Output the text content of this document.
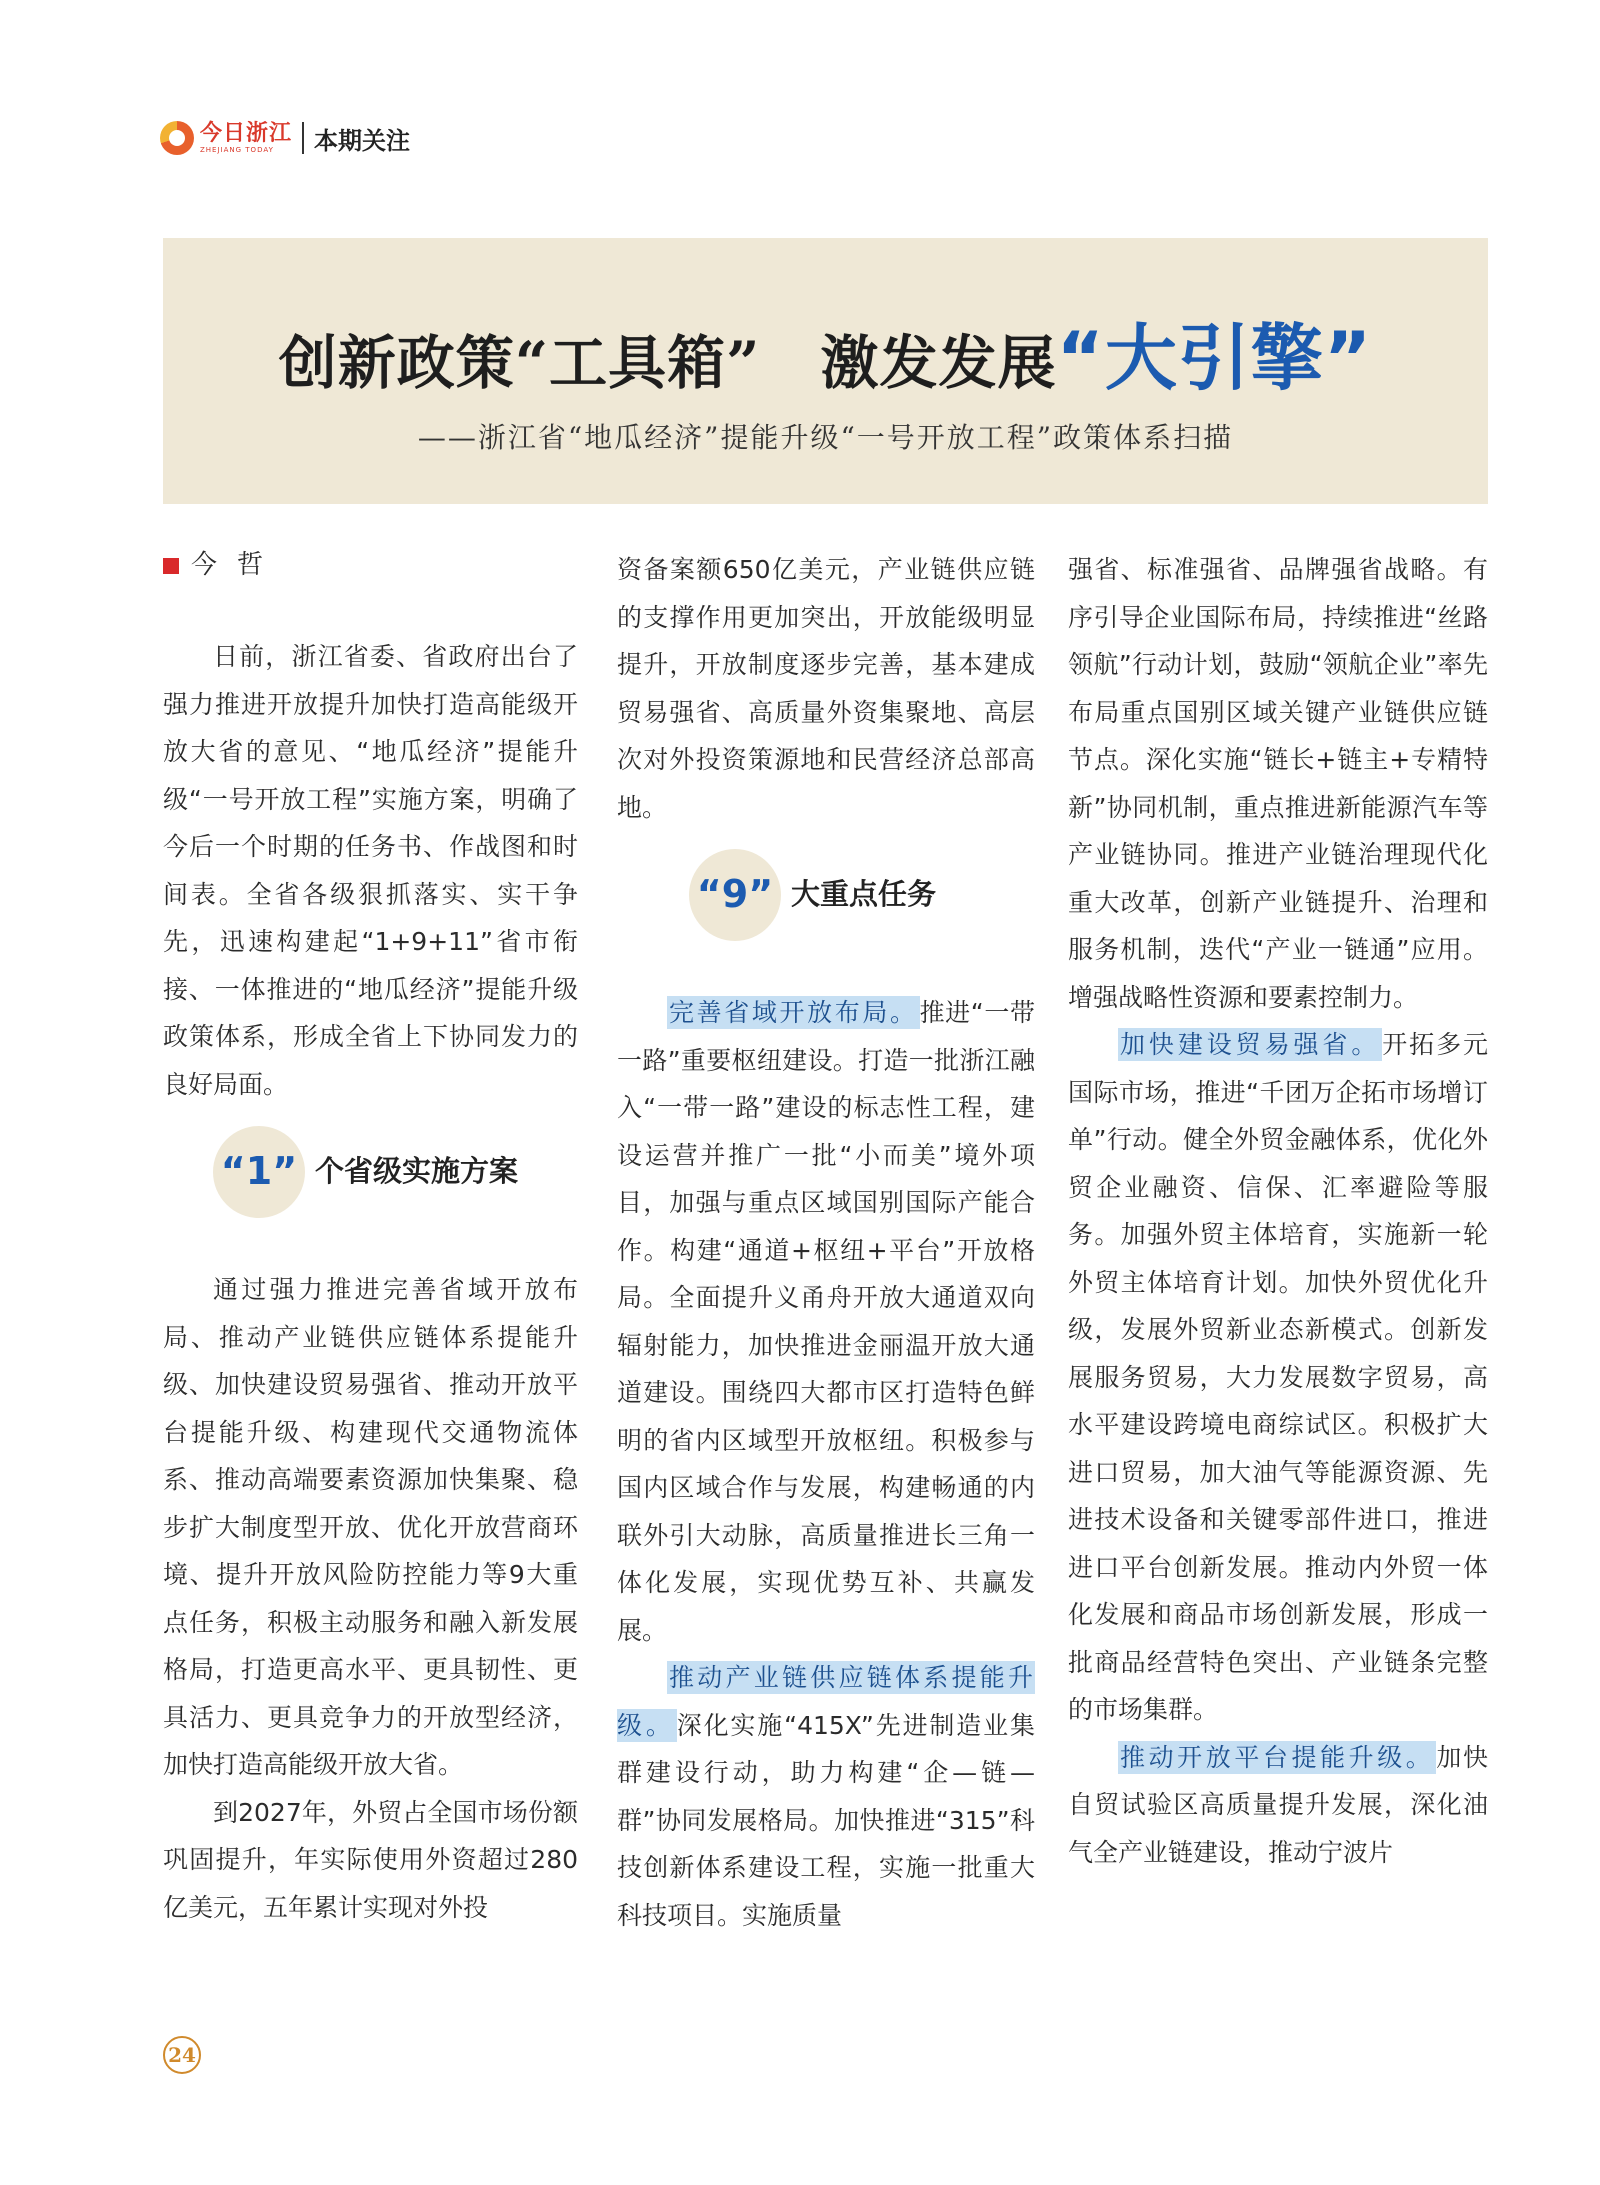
今日浙江
ZHEJIANG TODAY	本期关注
创新政策“工具箱” 激发发展“大引擎”
——浙江省“地瓜经济”提能升级“一号开放工程”政策体系扫描
今哲

日前，浙江省委、省政府出台了强力推进开放提升加快打造高能级开放大省的意见、“地瓜经济”提能升级“一号开放工程”实施方案，明确了今后一个时期的任务书、作战图和时间表。全省各级狠抓落实、实干争先，迅速构建起“1+9+11”省市衔接、一体推进的“地瓜经济”提能升级政策体系，形成全省上下协同发力的良好局面。

“1” 个省级实施方案

通过强力推进完善省域开放布局、推动产业链供应链体系提能升级、加快建设贸易强省、推动开放平台提能升级、构建现代交通物流体系、推动高端要素资源加快集聚、稳步扩大制度型开放、优化开放营商环境、提升开放风险防控能力等9大重点任务，积极主动服务和融入新发展格局，打造更高水平、更具韧性、更具活力、更具竞争力的开放型经济，加快打造高能级开放大省。

到2027年，外贸占全国市场份额巩固提升，年实际使用外资超过280亿美元，五年累计实现对外投

资备案额650亿美元，产业链供应链的支撑作用更加突出，开放能级明显提升，开放制度逐步完善，基本建成贸易强省、高质量外资集聚地、高层次对外投资策源地和民营经济总部高地。

“9” 大重点任务

完善省域开放布局。推进“一带一路”重要枢纽建设。打造一批浙江融入“一带一路”建设的标志性工程，建设运营并推广一批“小而美”境外项目，加强与重点区域国别国际产能合作。构建“通道+枢纽+平台”开放格局。全面提升义甬舟开放大通道双向辐射能力，加快推进金丽温开放大通道建设。围绕四大都市区打造特色鲜明的省内区域型开放枢纽。积极参与国内区域合作与发展，构建畅通的内联外引大动脉，高质量推进长三角一体化发展，实现优势互补、共赢发展。

推动产业链供应链体系提能升级。深化实施“415X”先进制造业集群建设行动，助力构建“企—链—群”协同发展格局。加快推进“315”科技创新体系建设工程，实施一批重大科技项目。实施质量

强省、标准强省、品牌强省战略。有序引导企业国际布局，持续推进“丝路领航”行动计划，鼓励“领航企业”率先布局重点国别区域关键产业链供应链节点。深化实施“链长+链主+专精特新”协同机制，重点推进新能源汽车等产业链协同。推进产业链治理现代化重大改革，创新产业链提升、治理和服务机制，迭代“产业一链通”应用。增强战略性资源和要素控制力。

加快建设贸易强省。开拓多元国际市场，推进“千团万企拓市场增订单”行动。健全外贸金融体系，优化外贸企业融资、信保、汇率避险等服务。加强外贸主体培育，实施新一轮外贸主体培育计划。加快外贸优化升级，发展外贸新业态新模式。创新发展服务贸易，大力发展数字贸易，高水平建设跨境电商综试区。积极扩大进口贸易，加大油气等能源资源、先进技术设备和关键零部件进口，推进进口平台创新发展。推动内外贸一体化发展和商品市场创新发展，形成一批商品经营特色突出、产业链条完整的市场集群。

推动开放平台提能升级。加快自贸试验区高质量提升发展，深化油气全产业链建设，推动宁波片

24
